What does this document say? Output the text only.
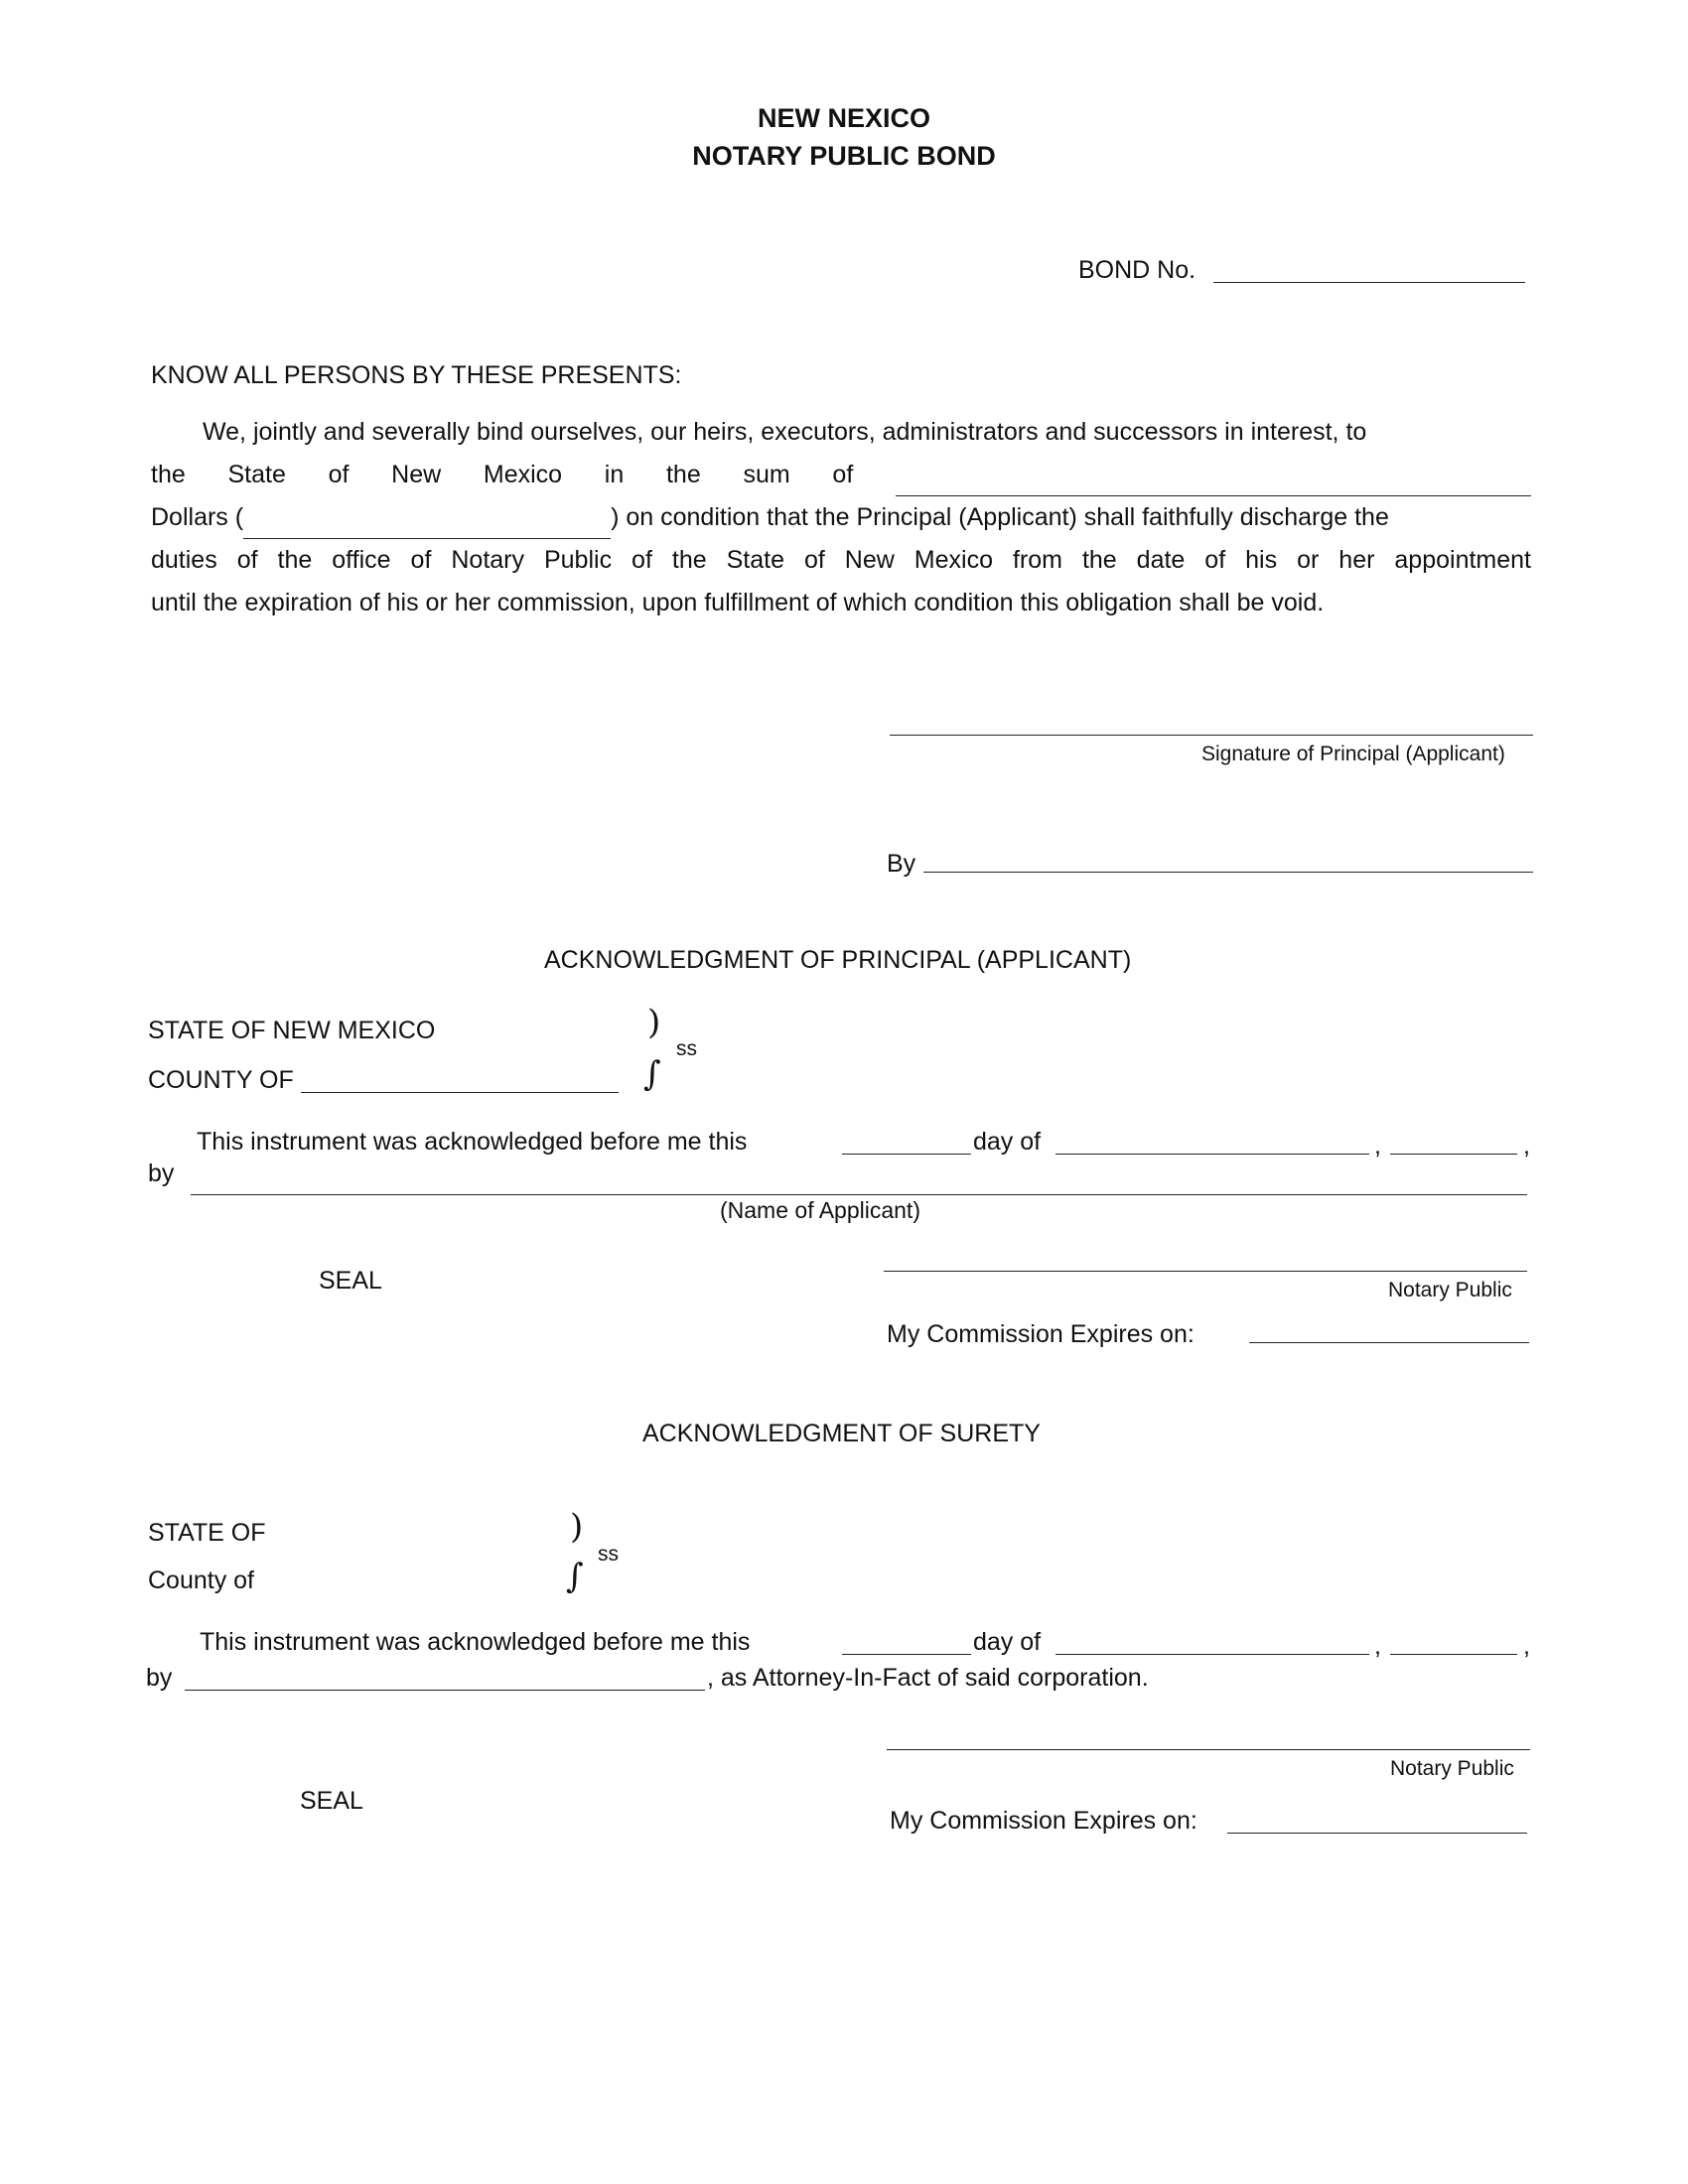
NEW NEXICO
NOTARY PUBLIC BOND
BOND No.
KNOW ALL PERSONS BY THESE PRESENTS:
We, jointly and severally bind ourselves, our heirs, executors, administrators and successors in interest, to
the State of New Mexico in the sum of
Dollars (	) on condition that the Principal (Applicant) shall faithfully discharge the
duties of the office of Notary Public of the State of New Mexico from the date of his or her appointment
until the expiration of his or her commission, upon fulfillment of which condition this obligation shall be void.
Signature of Principal (Applicant)
By
ACKNOWLEDGMENT OF PRINCIPAL (APPLICANT)
STATE OF NEW MEXICO
COUNTY OF
)
∫
ss
This instrument was acknowledged before me this	day of	,	,
by
(Name of Applicant)
SEAL	Notary Public
My Commission Expires on:
ACKNOWLEDGMENT OF SURETY
STATE OF
County of
)
∫
ss
This instrument was acknowledged before me this	day of	,	,
by	, as Attorney-In-Fact of said corporation.
Notary Public
SEAL
My Commission Expires on:
